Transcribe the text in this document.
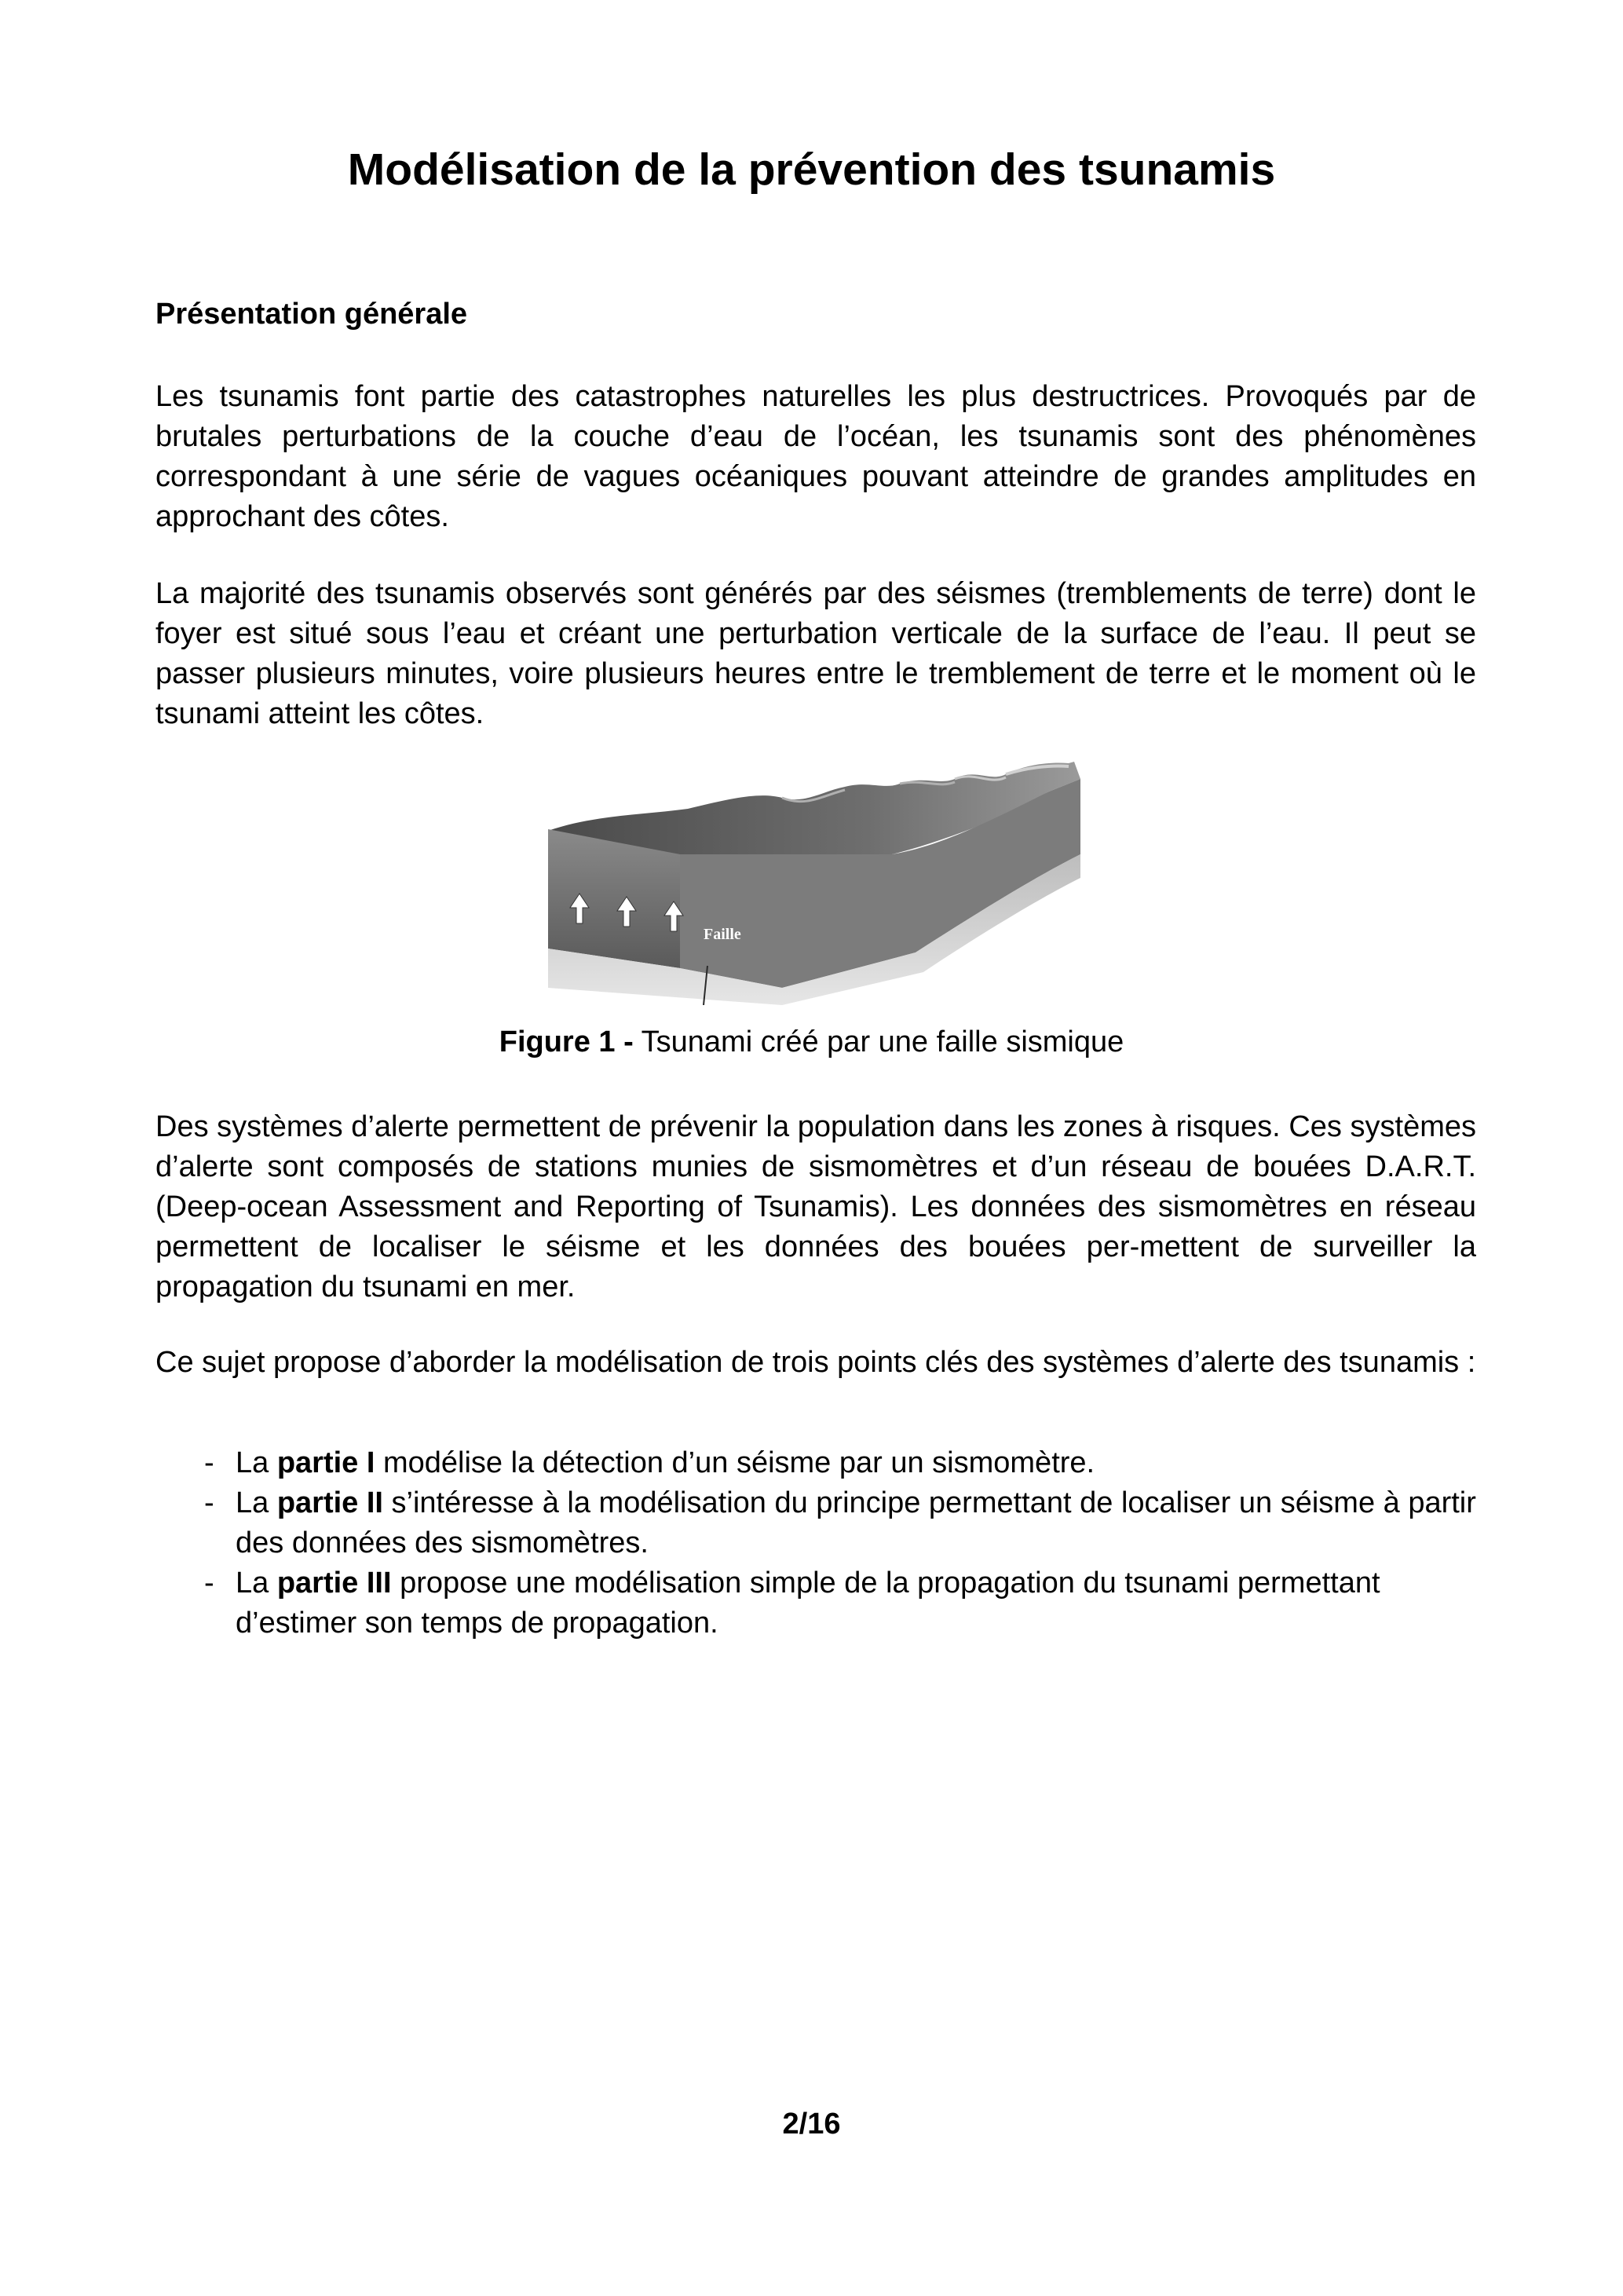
Modélisation de la prévention des tsunamis
Présentation générale

Les tsunamis font partie des catastrophes naturelles les plus destructrices. Provoqués par de brutales perturbations de la couche d’eau de l’océan, les tsunamis sont des phénomènes correspondant à une série de vagues océaniques pouvant atteindre de grandes amplitudes en approchant des côtes.

La majorité des tsunamis observés sont générés par des séismes (tremblements de terre) dont le foyer est situé sous l’eau et créant une perturbation verticale de la surface de l’eau. Il peut se passer plusieurs minutes, voire plusieurs heures entre le tremblement de terre et le moment où le tsunami atteint les côtes.

Faille
Figure 1 - Tsunami créé par une faille sismique

Des systèmes d’alerte permettent de prévenir la population dans les zones à risques. Ces systèmes d’alerte sont composés de stations munies de sismomètres et d’un réseau de bouées D.A.R.T. (Deep-ocean Assessment and Reporting of Tsunamis). Les données des sismomètres en réseau permettent de localiser le séisme et les données des bouées per-mettent de surveiller la propagation du tsunami en mer.

Ce sujet propose d’aborder la modélisation de trois points clés des systèmes d’alerte des tsunamis :

- La partie I modélise la détection d’un séisme par un sismomètre.
- La partie II s’intéresse à la modélisation du principe permettant de localiser un séisme à partir des données des sismomètres.
- La partie III propose une modélisation simple de la propagation du tsunami permettant d’estimer son temps de propagation.
2/16
